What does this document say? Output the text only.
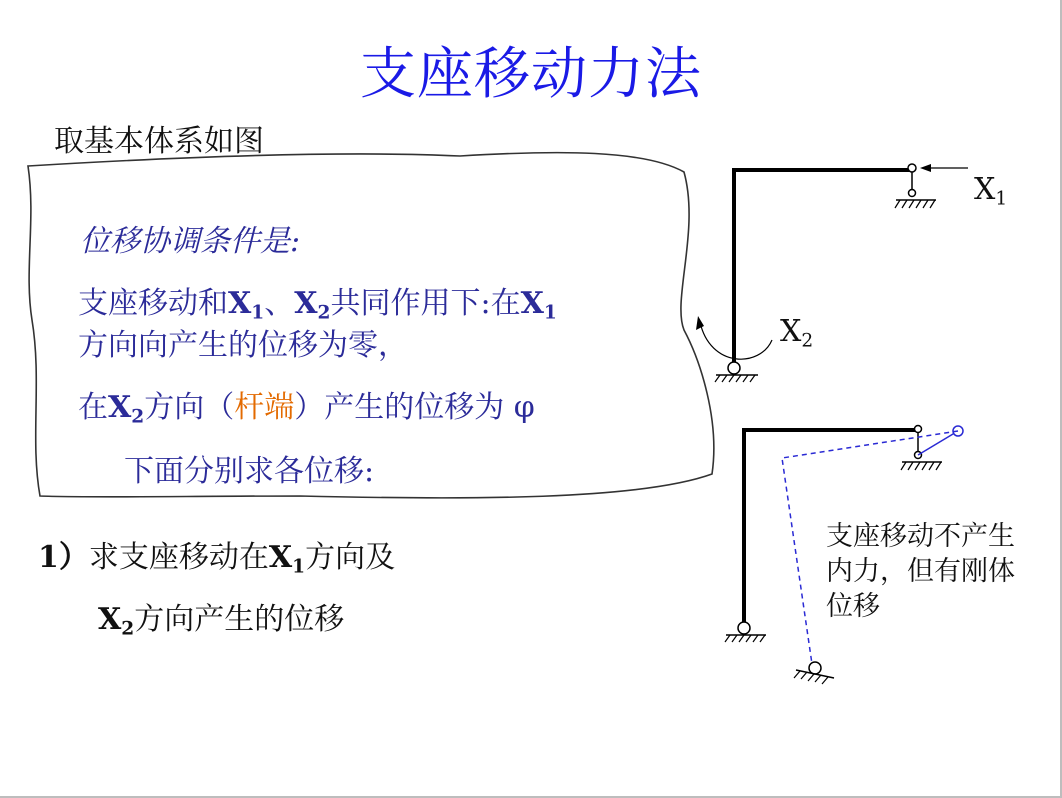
支座移动力法
取基本体系如图
位移协调条件是:
支座移动和$X_1$、$X_2$共同作用下:在$X_1$
方向向产生的位移为零，
在$X_2$方向（杆端）产生的位移为 φ
下面分别求各位移:
1）求支座移动在$X_1$方向及
$X_2$方向产生的位移
$X_1$
$X_2$
支座移动不产生
内力，但有刚体
位移
